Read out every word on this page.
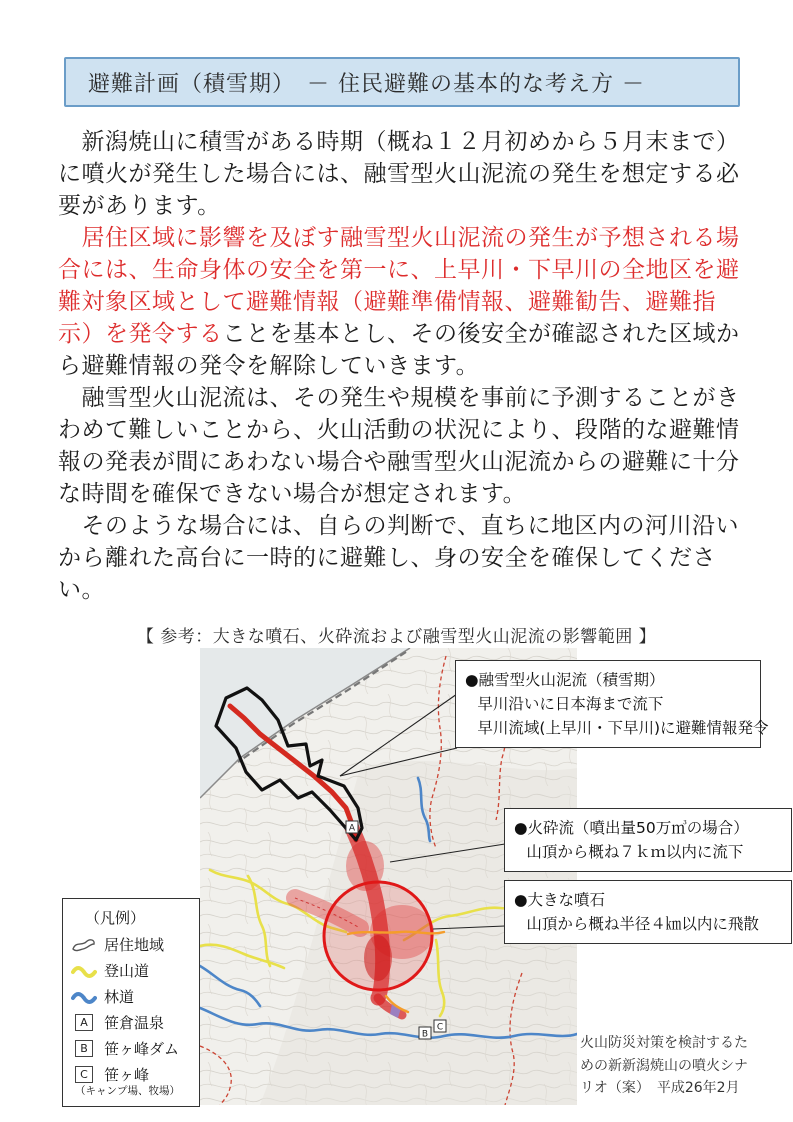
避難計画（積雪期）　－ 住民避難の基本的な考え方 －

　新潟焼山に積雪がある時期（概ね１２月初めから５月末まで）に噴火が発生した場合には、融雪型火山泥流の発生を想定する必要があります。

　居住区域に影響を及ぼす融雪型火山泥流の発生が予想される場合には、生命身体の安全を第一に、上早川・下早川の全地区を避難対象区域として避難情報（避難準備情報、避難勧告、避難指示）を発令することを基本とし、その後安全が確認された区域から避難情報の発令を解除していきます。

　融雪型火山泥流は、その発生や規模を事前に予測することがきわめて難しいことから、火山活動の状況により、段階的な避難情報の発表が間にあわない場合や融雪型火山泥流からの避難に十分な時間を確保できない場合が想定されます。

　そのような場合には、自らの判断で、直ちに地区内の河川沿いから離れた高台に一時的に避難し、身の安全を確保してください。

【 参考：大きな噴石、火砕流および融雪型火山泥流の影響範囲 】
A
B
C
●融雪型火山泥流（積雪期）
早川沿いに日本海まで流下
早川流域(上早川・下早川)に避難情報発令
●火砕流（噴出量50万㎥の場合）
山頂から概ね７ｋｍ以内に流下
●大きな噴石
山頂から概ね半径４㎞以内に飛散
（凡例）
居住地域
登山道
林道
A	笹倉温泉
B	笹ヶ峰ダム
C	笹ヶ峰
（キャンプ場、牧場）
火山防災対策を検討するた
めの新新潟焼山の噴火シナ
リオ（案）　平成26年2月
